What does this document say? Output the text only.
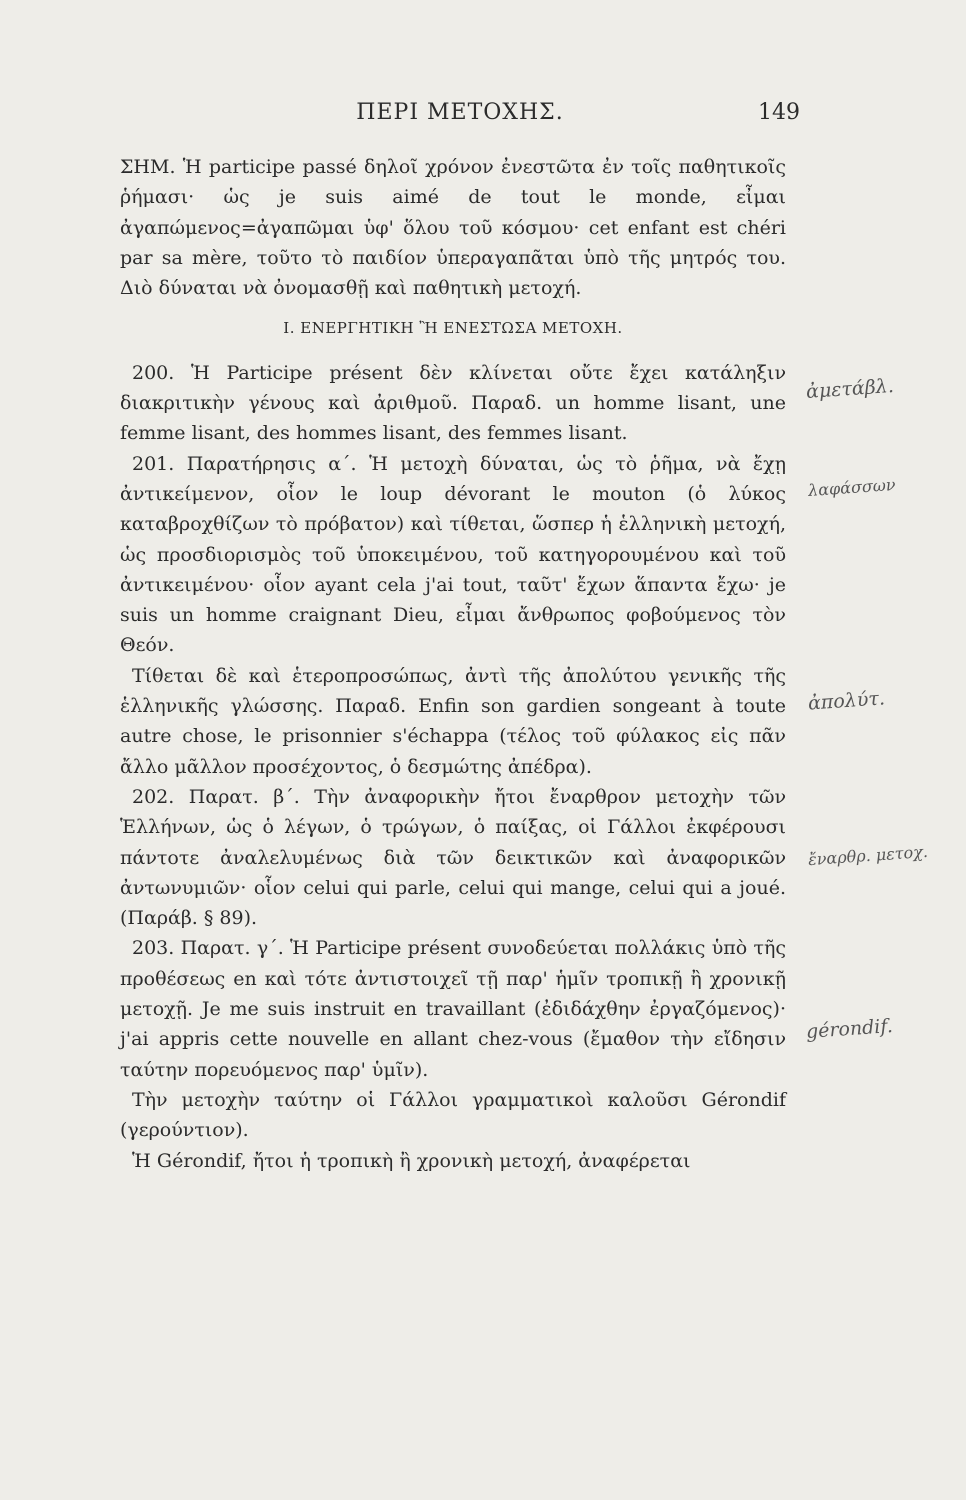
ΠΕΡΙ ΜΕΤΟΧΗΣ.	149

ΣΗΜ. Ἡ participe passé δηλοῖ χρόνον ἐνεστῶτα ἐν τοῖς παθητικοῖς ῥήμασι· ὡς je suis aimé de tout le monde, εἶμαι ἀγαπώμενος=ἀγαπῶμαι ὑφ' ὅλου τοῦ κόσμου· cet enfant est chéri par sa mère, τοῦτο τὸ παιδίον ὑπεραγαπᾶται ὑπὸ τῆς μητρός του. Διὸ δύναται νὰ ὀνομασθῇ καὶ παθητικὴ μετοχή.

I. ΕΝΕΡΓΗΤΙΚΗ Ἢ ΕΝΕΣΤΩΣΑ ΜΕΤΟΧΗ.

200. Ἡ Participe présent δὲν κλίνεται οὔτε ἔχει κατάληξιν διακριτικὴν γένους καὶ ἀριθμοῦ. Παραδ. un homme lisant, une femme lisant, des hommes lisant, des femmes lisant.

201. Παρατήρησις α΄. Ἡ μετοχὴ δύναται, ὡς τὸ ῥῆμα, νὰ ἔχῃ ἀντικείμενον, οἷον le loup dévorant le mouton (ὁ λύκος καταβροχθίζων τὸ πρόβατον) καὶ τίθεται, ὥσπερ ἡ ἑλληνικὴ μετοχή, ὡς προσδιορισμὸς τοῦ ὑποκειμένου, τοῦ κατηγορουμένου καὶ τοῦ ἀντικειμένου· οἷον ayant cela j'ai tout, ταῦτ' ἔχων ἅπαντα ἔχω· je suis un homme craignant Dieu, εἶμαι ἄνθρωπος φοβούμενος τὸν Θεόν.

Τίθεται δὲ καὶ ἑτεροπροσώπως, ἀντὶ τῆς ἀπολύτου γενικῆς τῆς ἑλληνικῆς γλώσσης. Παραδ. Enfin son gardien songeant à toute autre chose, le prisonnier s'échappa (τέλος τοῦ φύλακος εἰς πᾶν ἄλλο μᾶλλον προσέχοντος, ὁ δεσμώτης ἀπέδρα).

202. Παρατ. β΄. Τὴν ἀναφορικὴν ἤτοι ἔναρθρον μετοχὴν τῶν Ἑλλήνων, ὡς ὁ λέγων, ὁ τρώγων, ὁ παίξας, οἱ Γάλλοι ἐκφέρουσι πάντοτε ἀναλελυμένως διὰ τῶν δεικτικῶν καὶ ἀναφορικῶν ἀντωνυμιῶν· οἷον celui qui parle, celui qui mange, celui qui a joué. (Παράβ. § 89).

203. Παρατ. γ΄. Ἡ Participe présent συνοδεύεται πολλάκις ὑπὸ τῆς προθέσεως en καὶ τότε ἀντιστοιχεῖ τῇ παρ' ἡμῖν τροπικῇ ἢ χρονικῇ μετοχῇ. Je me suis instruit en travaillant (ἐδιδάχθην ἐργαζόμενος)· j'ai appris cette nouvelle en allant chez-vous (ἔμαθον τὴν εἴδησιν ταύτην πορευόμενος παρ' ὑμῖν).

Τὴν μετοχὴν ταύτην οἱ Γάλλοι γραμματικοὶ καλοῦσι Gérondif (γερούντιον).

Ἡ Gérondif, ἤτοι ἡ τροπικὴ ἢ χρονικὴ μετοχή, ἀναφέρεται

ἀμετάβλ.
λαφάσσων
ἀπολύτ.
ἔναρθρ. μετοχ.
gérondif.
